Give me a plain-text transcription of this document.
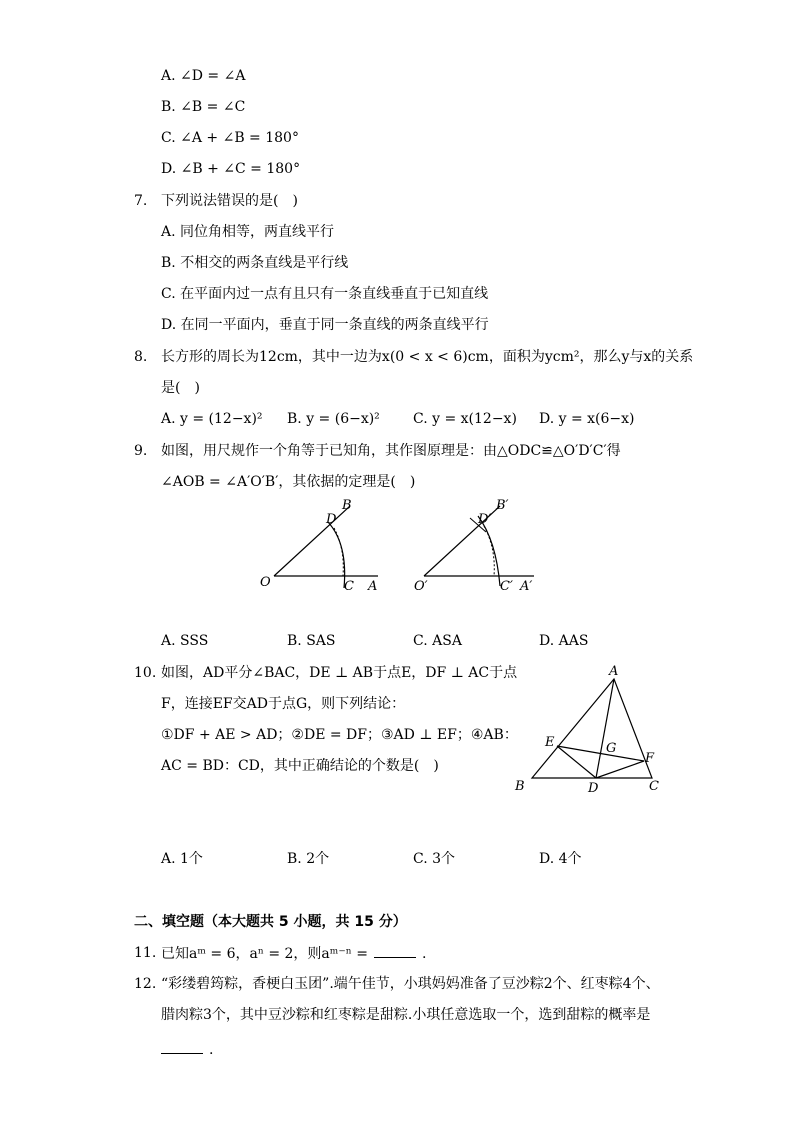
A. ∠D = ∠A
B. ∠B = ∠C
C. ∠A + ∠B = 180°
D. ∠B + ∠C = 180°
7. 下列说法错误的是(　)
A. 同位角相等，两直线平行
B. 不相交的两条直线是平行线
C. 在平面内过一点有且只有一条直线垂直于已知直线
D. 在同一平面内，垂直于同一条直线的两条直线平行
8. 长方形的周长为12cm，其中一边为x(0 < x < 6)cm，面积为ycm²，那么y与x的关系
是(　)
A. y = (12−x)² B. y = (6−x)² C. y = x(12−x) D. y = x(6−x)
9. 如图，用尺规作一个角等于已知角，其作图原理是：由△ODC≌△O′D′C′得
∠AOB = ∠A′O′B′，其依据的定理是(　)
O
D
B
C A	O′
D′
B′
C′ A′
A. SSS	B. SAS	C. ASA	D. AAS
10. 如图，AD平分∠BAC，DE ⊥ AB于点E，DF ⊥ AC于点
F，连接EF交AD于点G，则下列结论：
①DF + AE > AD；②DE = DF；③AD ⊥ EF；④AB：
AC = BD：CD，其中正确结论的个数是(　)
A
B	C
D
E
F
G
A. 1个	B. 2个	C. 3个	D. 4个
二、填空题（本大题共 5 小题，共 15 分）
11. 已知aᵐ = 6，aⁿ = 2，则aᵐ⁻ⁿ =	.
12. “彩缕碧筠粽，香梗白玉团”.端午佳节，小琪妈妈准备了豆沙粽2个、红枣粽4个、
腊肉粽3个，其中豆沙粽和红枣粽是甜粽.小琪任意选取一个，选到甜粽的概率是
.
